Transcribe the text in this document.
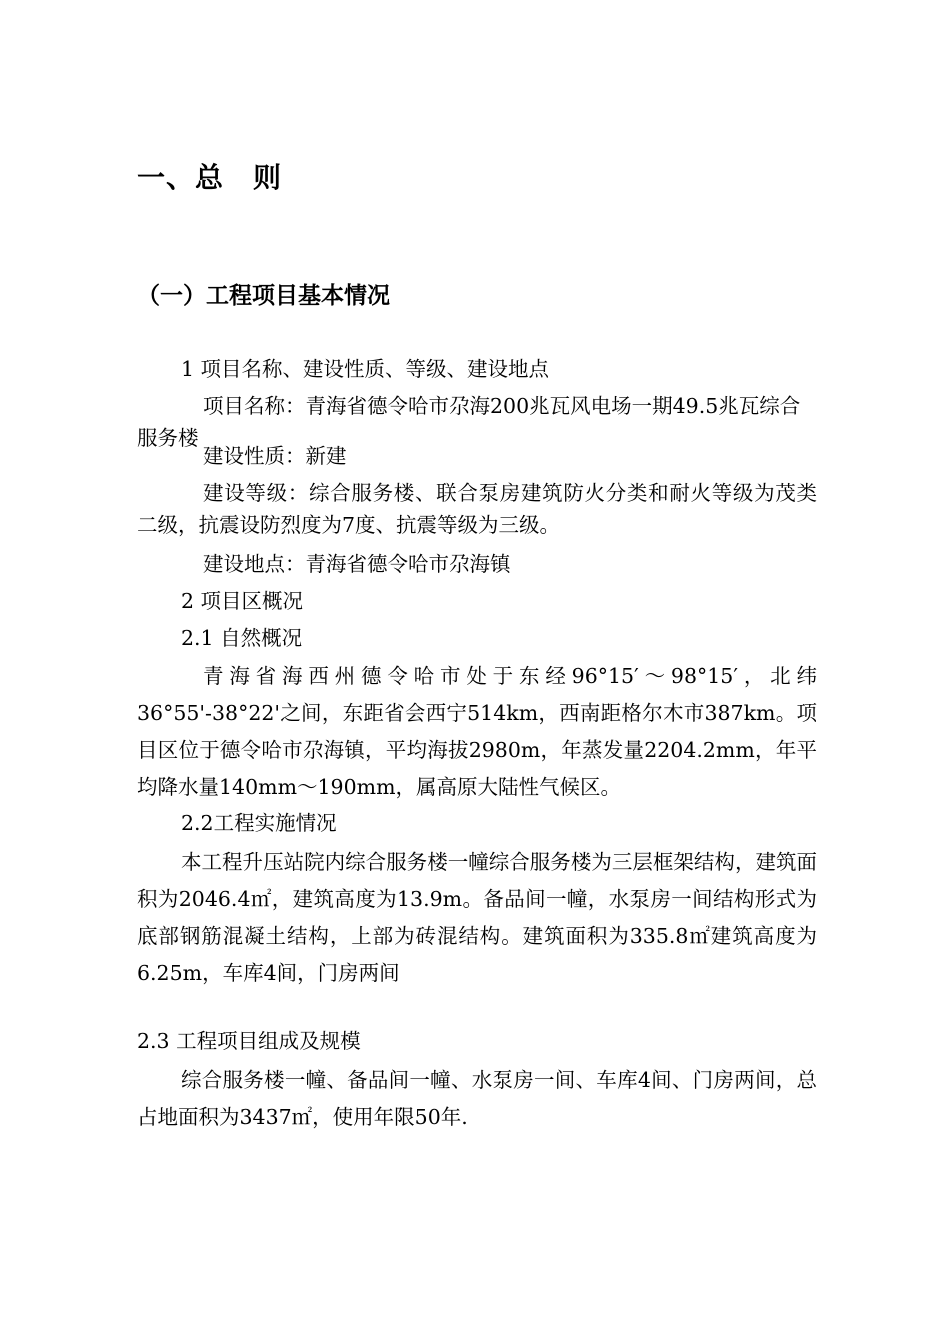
一、总　则
（一）工程项目基本情况

1 项目名称、建设性质、等级、建设地点

项目名称：青海省德令哈市尕海200兆瓦风电场一期49.5兆瓦综合服务楼

建设性质：新建

建设等级：综合服务楼、联合泵房建筑防火分类和耐火等级为茂类二级，抗震设防烈度为7度、抗震等级为三级。

建设地点：青海省德令哈市尕海镇

2 项目区概况

2.1 自然概况

青海省海西州德令哈市处于东经96°15′～98°15′，北纬36°55'-38°22'之间，东距省会西宁514km，西南距格尔木市387km。项目区位于德令哈市尕海镇，平均海拔2980m，年蒸发量2204.2mm，年平均降水量140mm～190mm，属高原大陆性气候区。

2.2工程实施情况

本工程升压站院内综合服务楼一幢综合服务楼为三层框架结构，建筑面积为2046.4㎡，建筑高度为13.9m。备品间一幢，水泵房一间结构形式为底部钢筋混凝土结构，上部为砖混结构。建筑面积为335.8㎡建筑高度为6.25m，车库4间，门房两间

2.3 工程项目组成及规模

综合服务楼一幢、备品间一幢、水泵房一间、车库4间、门房两间，总占地面积为3437㎡，使用年限50年.
